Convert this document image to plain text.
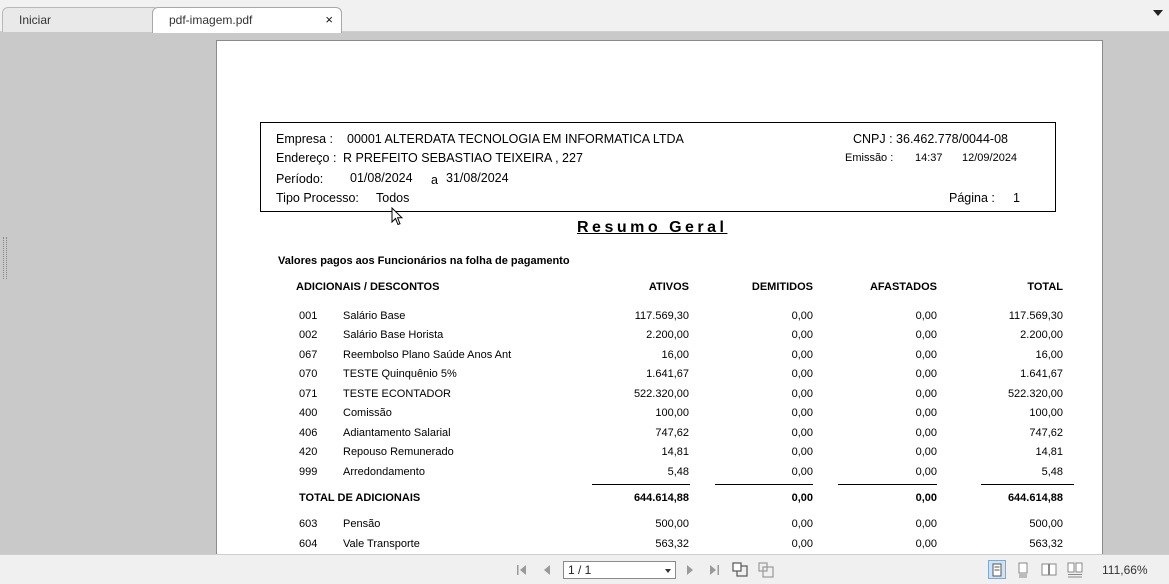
Iniciar	pdf-imagem.pdf	×
Empresa : 00001 ALTERDATA TECNOLOGIA EM INFORMATICA LTDA	CNPJ : 36.462.778/0044-08
Endereço : R PREFEITO SEBASTIAO TEIXEIRA , 227	Emissão : 14:37 12/09/2024
Período: 01/08/2024 a 31/08/2024
Tipo Processo: Todos	Página : 1
Resumo Geral
Valores pagos aos Funcionários na folha de pagamento
ADICIONAIS / DESCONTOS	ATIVOS	DEMITIDOS	AFASTADOS	TOTAL
001 Salário Base	117.569,30	0,00	0,00	117.569,30
002 Salário Base Horista	2.200,00	0,00	0,00	2.200,00
067 Reembolso Plano Saúde Anos Ant	16,00	0,00	0,00	16,00
070 TESTE Quinquênio 5%	1.641,67	0,00	0,00	1.641,67
071 TESTE ECONTADOR	522.320,00	0,00	0,00	522.320,00
400 Comissão	100,00	0,00	0,00	100,00
406 Adiantamento Salarial	747,62	0,00	0,00	747,62
420 Repouso Remunerado	14,81	0,00	0,00	14,81
999 Arredondamento	5,48	0,00	0,00	5,48
TOTAL DE ADICIONAIS	644.614,88	0,00	0,00	644.614,88
603 Pensão	500,00	0,00	0,00	500,00
604 Vale Transporte	563,32	0,00	0,00	563,32
1 / 1	111,66%
